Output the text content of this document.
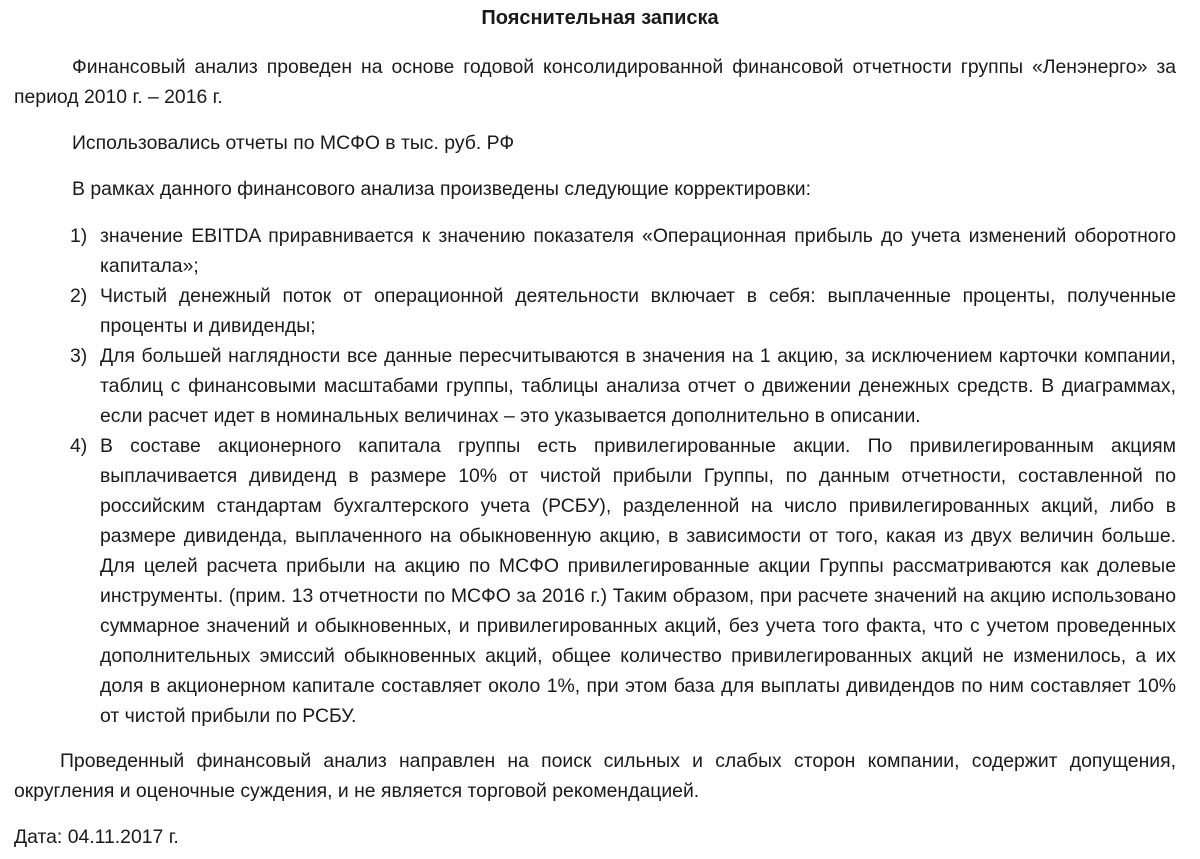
Пояснительная записка

Финансовый анализ проведен на основе годовой консолидированной финансовой отчетности группы «Ленэнерго» за период 2010 г. – 2016 г.

Использовались отчеты по МСФО в тыс. руб. РФ

В рамках данного финансового анализа произведены следующие корректировки:

1) значение EBITDA приравнивается к значению показателя «Операционная прибыль до учета изменений оборотного капитала»;
2) Чистый денежный поток от операционной деятельности включает в себя: выплаченные проценты, полученные проценты и дивиденды;
3) Для большей наглядности все данные пересчитываются в значения на 1 акцию, за исключением карточки компании, таблиц с финансовыми масштабами группы, таблицы анализа отчет о движении денежных средств. В диаграммах, если расчет идет в номинальных величинах – это указывается дополнительно в описании.
4) В составе акционерного капитала группы есть привилегированные акции. По привилегированным акциям выплачивается дивиденд в размере 10% от чистой прибыли Группы, по данным отчетности, составленной по российским стандартам бухгалтерского учета (РСБУ), разделенной на число привилегированных акций, либо в размере дивиденда, выплаченного на обыкновенную акцию, в зависимости от того, какая из двух величин больше. Для целей расчета прибыли на акцию по МСФО привилегированные акции Группы рассматриваются как долевые инструменты. (прим. 13 отчетности по МСФО за 2016 г.) Таким образом, при расчете значений на акцию использовано суммарное значений и обыкновенных, и привилегированных акций, без учета того факта, что с учетом проведенных дополнительных эмиссий обыкновенных акций, общее количество привилегированных акций не изменилось, а их доля в акционерном капитале составляет около 1%, при этом база для выплаты дивидендов по ним составляет 10% от чистой прибыли по РСБУ.

Проведенный финансовый анализ направлен на поиск сильных и слабых сторон компании, содержит допущения, округления и оценочные суждения, и не является торговой рекомендацией.

Дата: 04.11.2017 г.
